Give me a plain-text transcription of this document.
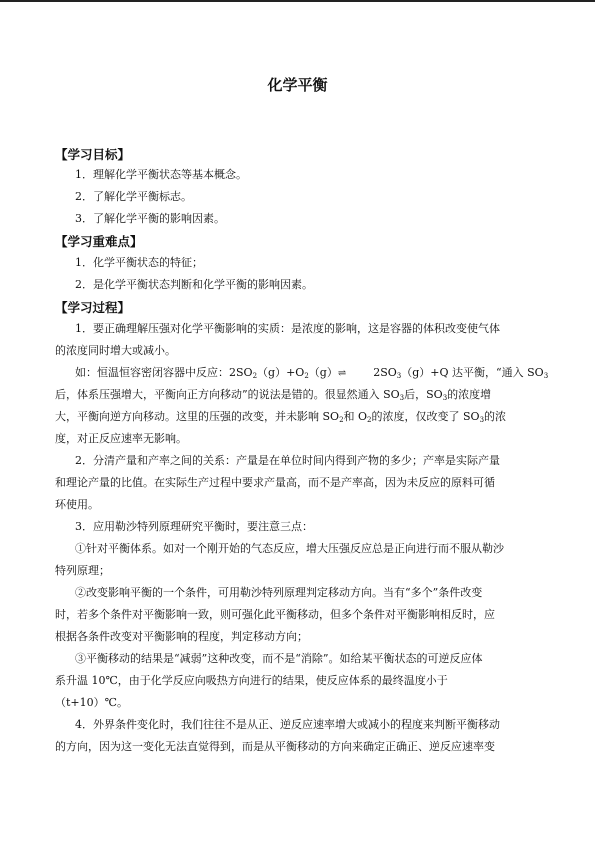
化学平衡
【学习目标】
1．理解化学平衡状态等基本概念。
2．了解化学平衡标志。
3．了解化学平衡的影响因素。
【学习重难点】
1．化学平衡状态的特征；
2．是化学平衡状态判断和化学平衡的影响因素。
【学习过程】
1．要正确理解压强对化学平衡影响的实质：是浓度的影响，这是容器的体积改变使气体
的浓度同时增大或减小。
如：恒温恒容密闭容器中反应：$2SO_2(g)+O_2(g)\rightleftharpoons$	$2SO_3(g)+Q$ 达平衡，“通入 $SO_3$
后，体系压强增大，平衡向正方向移动”的说法是错的。很显然通入 $SO_3$后，$SO_3$的浓度增
大，平衡向逆方向移动。这里的压强的改变，并未影响 $SO_2$和 $O_2$的浓度，仅改变了 $SO_3$的浓
度，对正反应速率无影响。
2．分清产量和产率之间的关系：产量是在单位时间内得到产物的多少；产率是实际产量
和理论产量的比值。在实际生产过程中要求产量高，而不是产率高，因为未反应的原料可循
环使用。
3．应用勒沙特列原理研究平衡时，要注意三点：
①针对平衡体系。如对一个刚开始的气态反应，增大压强反应总是正向进行而不服从勒沙
特列原理；
②改变影响平衡的一个条件，可用勒沙特列原理判定移动方向。当有“多个”条件改变
时，若多个条件对平衡影响一致，则可强化此平衡移动，但多个条件对平衡影响相反时，应
根据各条件改变对平衡影响的程度，判定移动方向；
③平衡移动的结果是“减弱”这种改变，而不是“消除”。如给某平衡状态的可逆反应体
系升温 10℃，由于化学反应向吸热方向进行的结果，使反应体系的最终温度小于
（t+10）℃。
4．外界条件变化时，我们往往不是从正、逆反应速率增大或减小的程度来判断平衡移动
的方向，因为这一变化无法直觉得到，而是从平衡移动的方向来确定正确正、逆反应速率变
